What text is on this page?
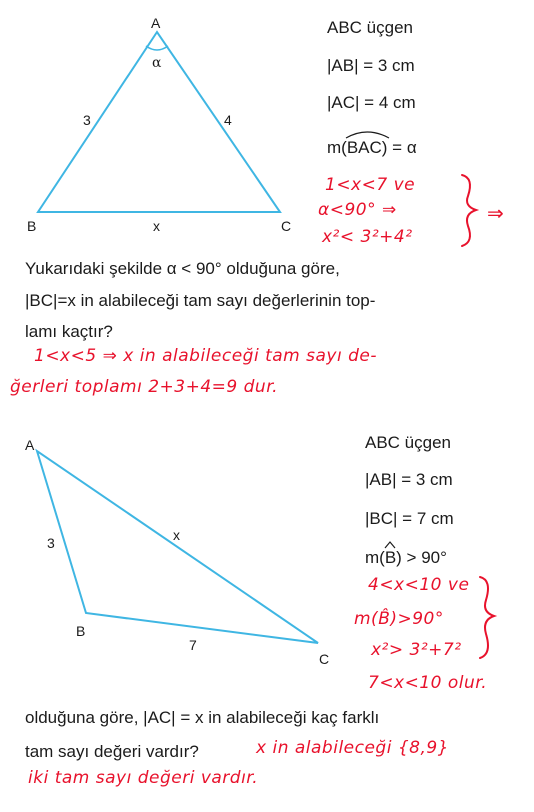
A
B	C
α
3	4
x
ABC üçgen
|AB| = 3 cm
|AC| = 4 cm
m(
BAC) = α
1<x<7 ve
α<90° ⇒
x²< 3²+4²
⇒
Yukarıdaki şekilde α < 90° olduğuna göre,
|BC|=x in alabileceği tam sayı değerlerinin top-
lamı kaçtır?
1<x<5 ⇒ x in alabileceği tam sayı de-
ğerleri toplamı 2+3+4=9 dur.
A
B
C
3	x
7
ABC üçgen
|AB| = 3 cm
|BC| = 7 cm
m(
B) > 90°
4<x<10 ve
m(B̂)>90°
x²> 3²+7²
7<x<10 olur.
olduğuna göre, |AC| = x in alabileceği kaç farklı
tam sayı değeri vardır?	x in alabileceği {8,9}
iki tam sayı değeri vardır.
